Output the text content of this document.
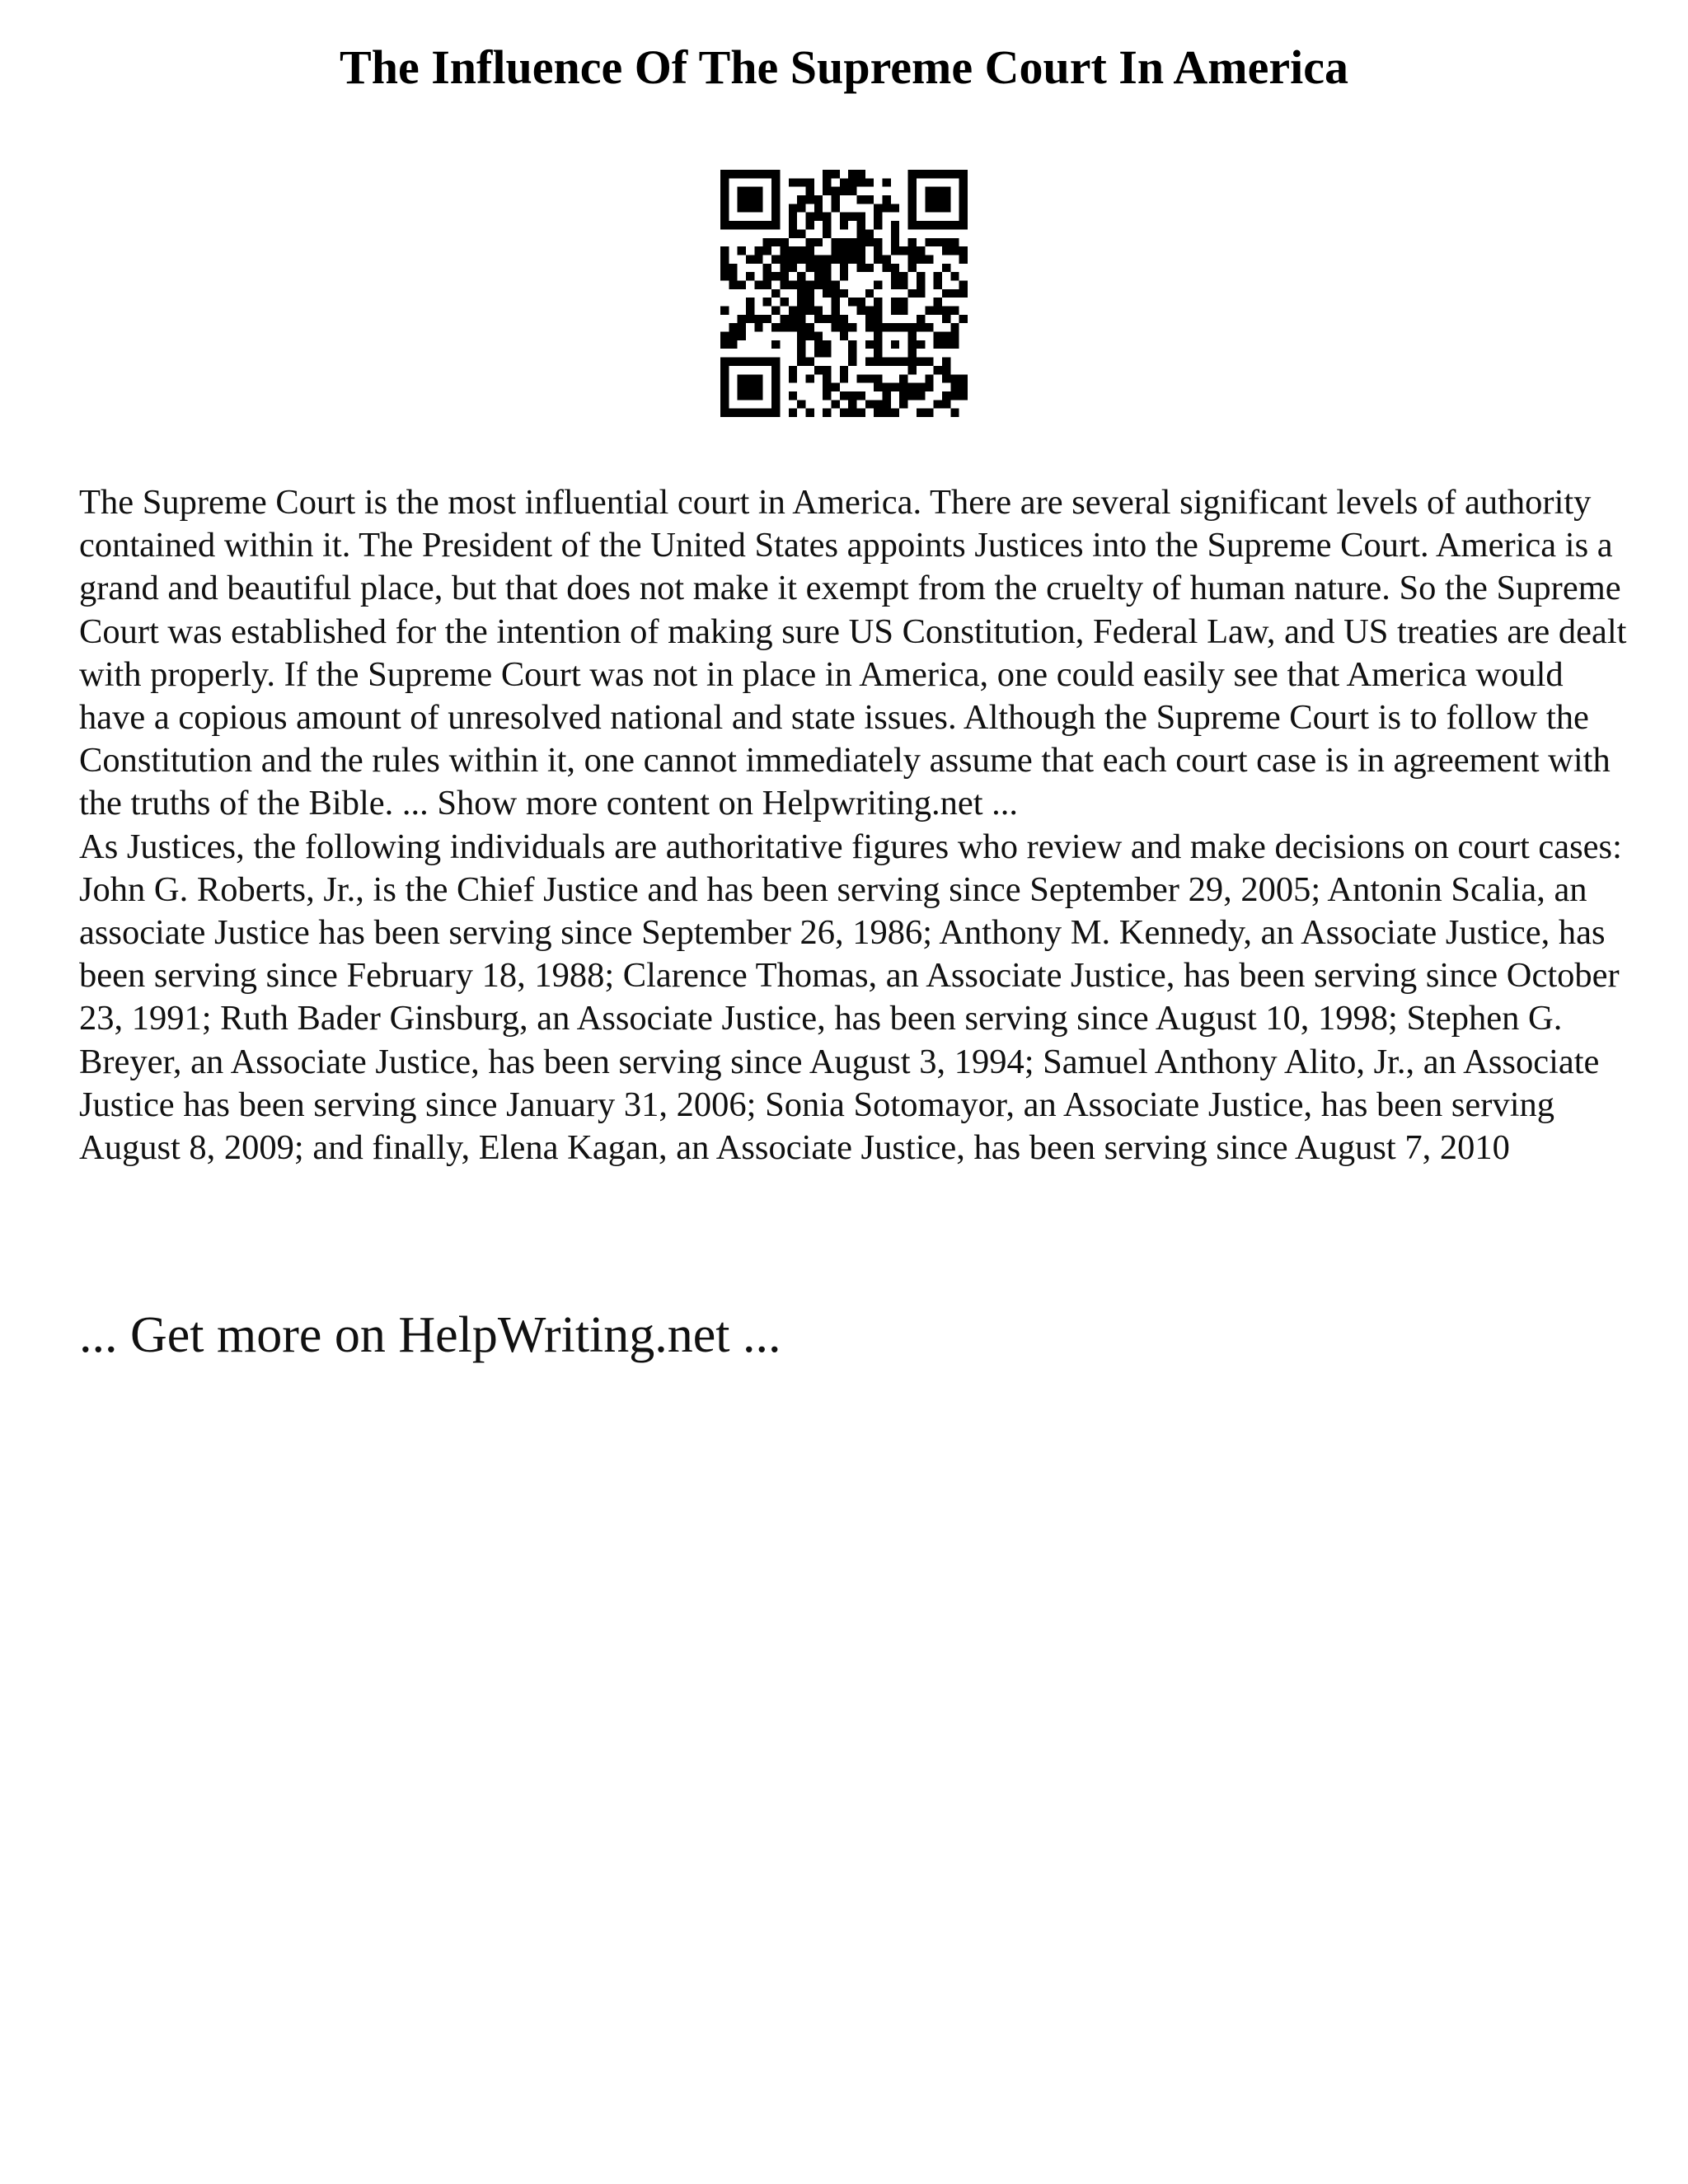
The Influence Of The Supreme Court In America

The Supreme Court is the most influential court in America. There are several significant levels of authority contained within it. The President of the United States appoints Justices into the Supreme Court. America is a grand and beautiful place, but that does not make it exempt from the cruelty of human nature. So the Supreme Court was established for the intention of making sure US Constitution, Federal Law, and US treaties are dealt with properly. If the Supreme Court was not in place in America, one could easily see that America would have a copious amount of unresolved national and state issues. Although the Supreme Court is to follow the Constitution and the rules within it, one cannot immediately assume that each court case is in agreement with the truths of the Bible. ... Show more content on Helpwriting.net ...

As Justices, the following individuals are authoritative figures who review and make decisions on court cases: John G. Roberts, Jr., is the Chief Justice and has been serving since September 29, 2005; Antonin Scalia, an associate Justice has been serving since September 26, 1986; Anthony M. Kennedy, an Associate Justice, has been serving since February 18, 1988; Clarence Thomas, an Associate Justice, has been serving since October 23, 1991; Ruth Bader Ginsburg, an Associate Justice, has been serving since August 10, 1998; Stephen G. Breyer, an Associate Justice, has been serving since August 3, 1994; Samuel Anthony Alito, Jr., an Associate Justice has been serving since January 31, 2006; Sonia Sotomayor, an Associate Justice, has been serving August 8, 2009; and finally, Elena Kagan, an Associate Justice, has been serving since August 7, 2010

... Get more on HelpWriting.net ...
